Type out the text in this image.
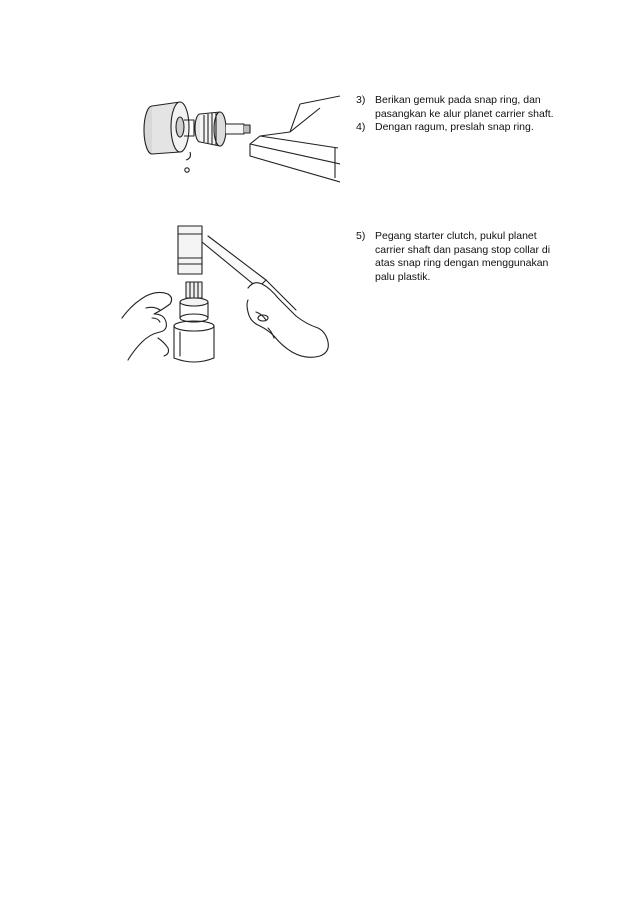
3) Berikan gemuk pada snap ring, dan pasangkan ke alur planet carrier shaft.
4) Dengan ragum, preslah snap ring.
5) Pegang starter clutch, pukul planet carrier shaft dan pasang stop collar di atas snap ring dengan menggunakan palu plastik.
